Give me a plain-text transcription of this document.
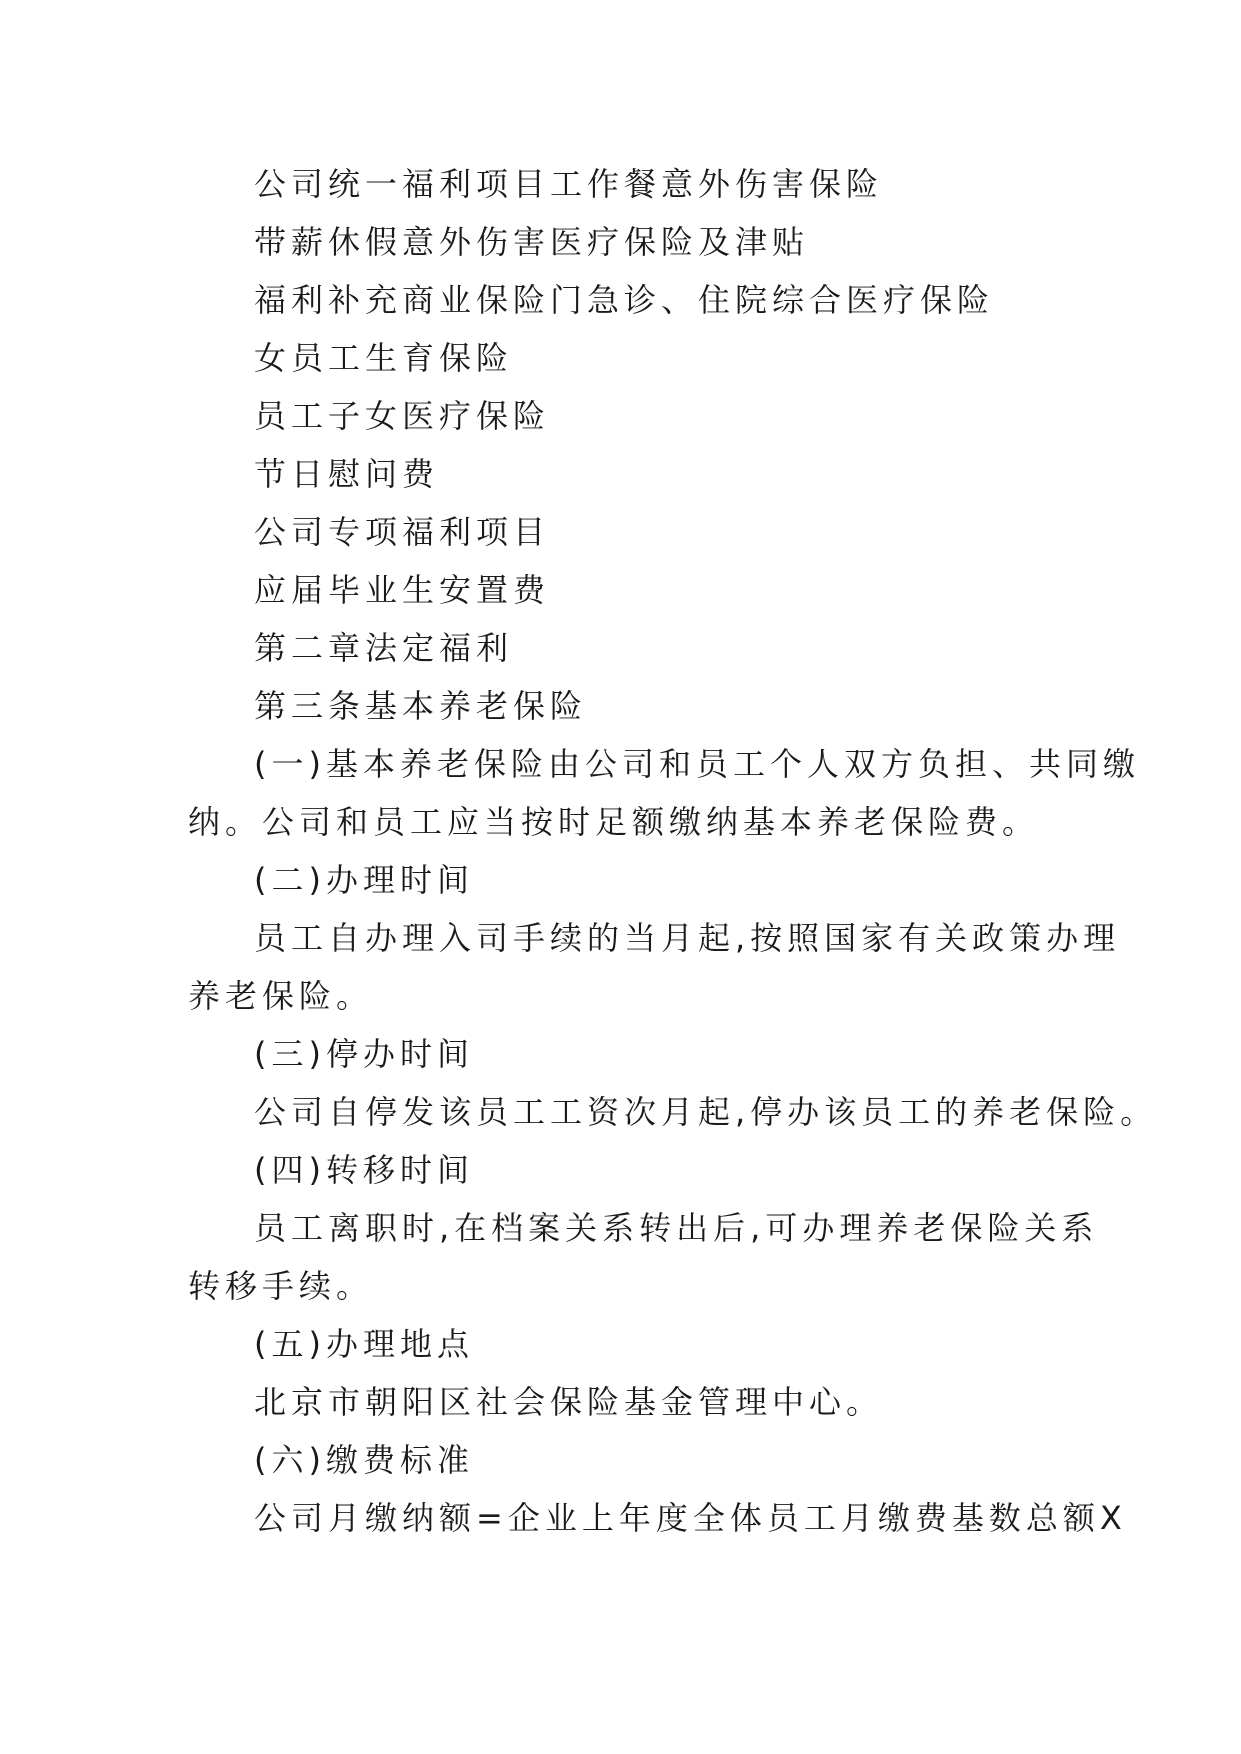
公司统一福利项目工作餐意外伤害保险

带薪休假意外伤害医疗保险及津贴

福利补充商业保险门急诊、住院综合医疗保险

女员工生育保险

员工子女医疗保险

节日慰问费

公司专项福利项目

应届毕业生安置费

第二章法定福利

第三条基本养老保险

(一)基本养老保险由公司和员工个人双方负担、共同缴

纳。公司和员工应当按时足额缴纳基本养老保险费。

(二)办理时间

员工自办理入司手续的当月起,按照国家有关政策办理

养老保险。

(三)停办时间

公司自停发该员工工资次月起,停办该员工的养老保险。

(四)转移时间

员工离职时,在档案关系转出后,可办理养老保险关系

转移手续。

(五)办理地点

北京市朝阳区社会保险基金管理中心。

(六)缴费标准

公司月缴纳额=企业上年度全体员工月缴费基数总额X
